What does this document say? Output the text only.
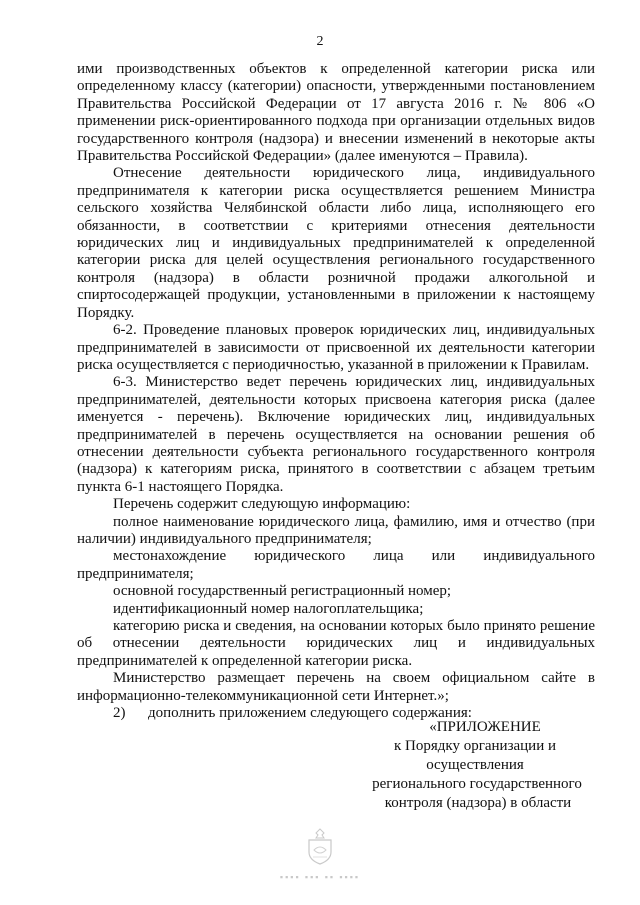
2

ими производственных объектов к определенной категории риска или определенному классу (категории) опасности, утвержденными постановлением Правительства Российской Федерации от 17 августа 2016 г. № 806 «О применении риск-ориентированного подхода при организации отдельных видов государственного контроля (надзора) и внесении изменений в некоторые акты Правительства Российской Федерации» (далее именуются – Правила).

Отнесение деятельности юридического лица, индивидуального предпринимателя к категории риска осуществляется решением Министра сельского хозяйства Челябинской области либо лица, исполняющего его обязанности, в соответствии с критериями отнесения деятельности юридических лиц и индивидуальных предпринимателей к определенной категории риска для целей осуществления регионального государственного контроля (надзора) в области розничной продажи алкогольной и спиртосодержащей продукции, установленными в приложении к настоящему Порядку.

6-2. Проведение плановых проверок юридических лиц, индивидуальных предпринимателей в зависимости от присвоенной их деятельности категории риска осуществляется с периодичностью, указанной в приложении к Правилам.

6-3. Министерство ведет перечень юридических лиц, индивидуальных предпринимателей, деятельности которых присвоена категория риска (далее именуется - перечень). Включение юридических лиц, индивидуальных предпринимателей в перечень осуществляется на основании решения об отнесении деятельности субъекта регионального государственного контроля (надзора) к категориям риска, принятого в соответствии с абзацем третьим пункта 6-1 настоящего Порядка.

Перечень содержит следующую информацию:

полное наименование юридического лица, фамилию, имя и отчество (при наличии) индивидуального предпринимателя;

местонахождение юридического лица или индивидуального предпринимателя;

основной государственный регистрационный номер;

идентификационный номер налогоплательщика;

категорию риска и сведения, на основании которых было принято решение об отнесении деятельности юридических лиц и индивидуальных предпринимателей к определенной категории риска.

Министерство размещает перечень на своем официальном сайте в информационно-телекоммуникационной сети Интернет.»;

2)	дополнить приложением следующего содержания:
«ПРИЛОЖЕНИЕ
к Порядку организации и
осуществления
регионального государственного
контроля (надзора) в области
▪▪▪▪ ▪▪▪ ▪▪ ▪▪▪▪
